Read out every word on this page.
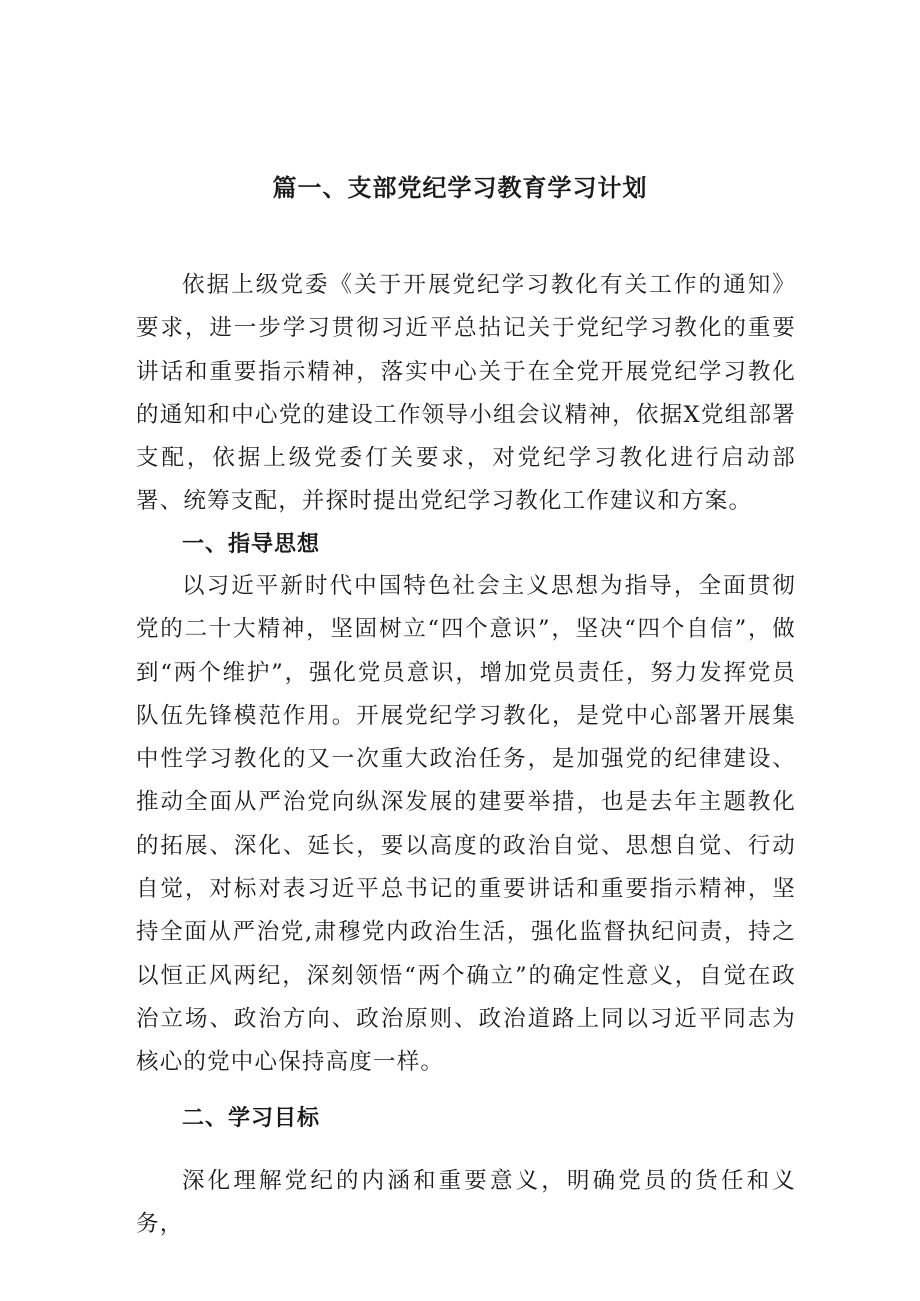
篇一、支部党纪学习教育学习计划

依据上级党委《关于开展党纪学习教化有关工作的通知》要求，进一步学习贯彻习近平总拈记关于党纪学习教化的重要讲话和重要指示精神，落实中心关于在全党开展党纪学习教化的通知和中心党的建设工作领导小组会议精神，依据X党组部署支配，依据上级党委仃关要求，对党纪学习教化进行启动部署、统筹支配，并探时提出党纪学习教化工作建议和方案。

一、指导思想

以习近平新时代中国特色社会主义思想为指导，全面贯彻党的二十大精神，坚固树立“四个意识”，坚决“四个自信”，做到“两个维护”，强化党员意识，增加党员责任，努力发挥党员队伍先锋模范作用。开展党纪学习教化，是党中心部署开展集中性学习教化的又一次重大政治任务，是加强党的纪律建设、推动全面从严治党向纵深发展的建要举措，也是去年主题教化的拓展、深化、延长，要以高度的政治自觉、思想自觉、行动自觉，对标对表习近平总书记的重要讲话和重要指示精神，坚持全面从严治党,肃穆党内政治生活，强化监督执纪问责，持之以恒正风两纪，深刻领悟“两个确立”的确定性意义，自觉在政治立场、政治方向、政治原则、政治道路上同以习近平同志为核心的党中心保持高度一样。

二、学习目标

深化理解党纪的内涵和重要意义，明确党员的货任和义务，
